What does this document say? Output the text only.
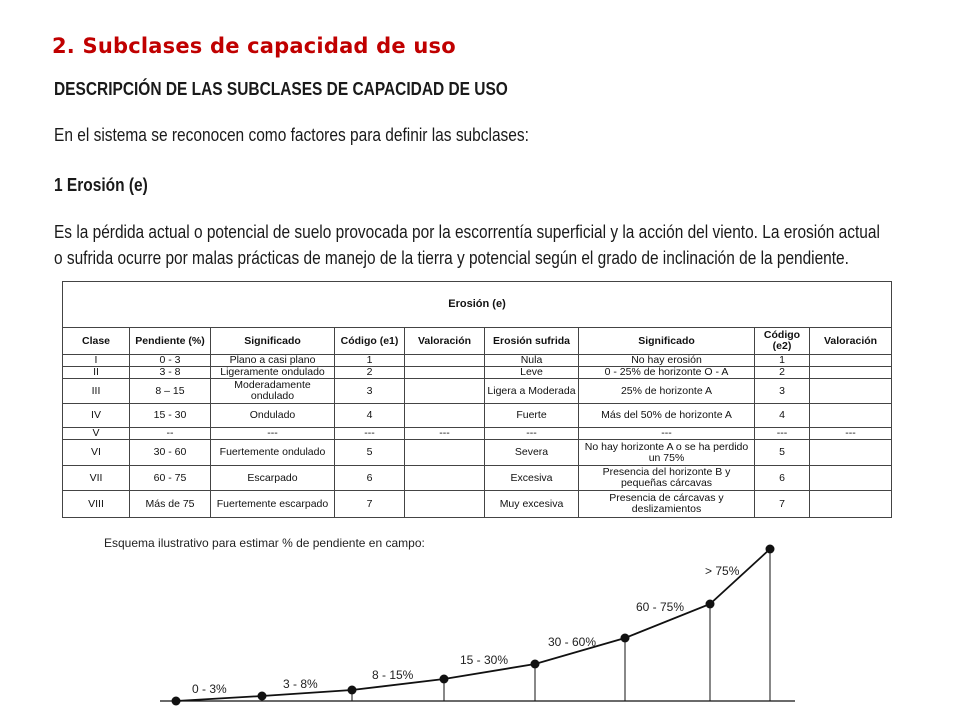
2. Subclases de capacidad de uso
DESCRIPCIÓN DE LAS SUBCLASES DE CAPACIDAD DE USO

En el sistema se reconocen como factores para definir las subclases:

1 Erosión (e)

Es la pérdida actual o potencial de suelo provocada por la escorrentía superficial y la acción del viento. La erosión actual

o sufrida ocurre por malas prácticas de manejo de la tierra y potencial según el grado de inclinación de la pendiente.

Erosión (e)								
Clase	Pendiente (%)	Significado	Código (e1)	Valoración	Erosión sufrida	Significado	Código (e2)	Valoración
I	0 - 3	Plano a casi plano	1		Nula	No hay erosión	1	
II	3 - 8	Ligeramente ondulado	2		Leve	0 - 25% de horizonte O - A	2	
III	8 – 15	Moderadamente ondulado	3		Ligera a Moderada	25% de horizonte A	3	
IV	15 - 30	Ondulado	4		Fuerte	Más del 50% de horizonte A	4	
V	--	---	---	---	---	---	---	---
VI	30 - 60	Fuertemente ondulado	5		Severa	No hay horizonte A o se ha perdido un 75%	5	
VII	60 - 75	Escarpado	6		Excesiva	Presencia del horizonte B y pequeñas cárcavas	6	
VIII	Más de 75	Fuertemente escarpado	7		Muy excesiva	Presencia de cárcavas y deslizamientos	7	

Esquema ilustrativo para estimar % de pendiente en campo:

0 - 3%	3 - 8%
8 - 15%
15 - 30%
30 - 60%
60 - 75%
> 75%
